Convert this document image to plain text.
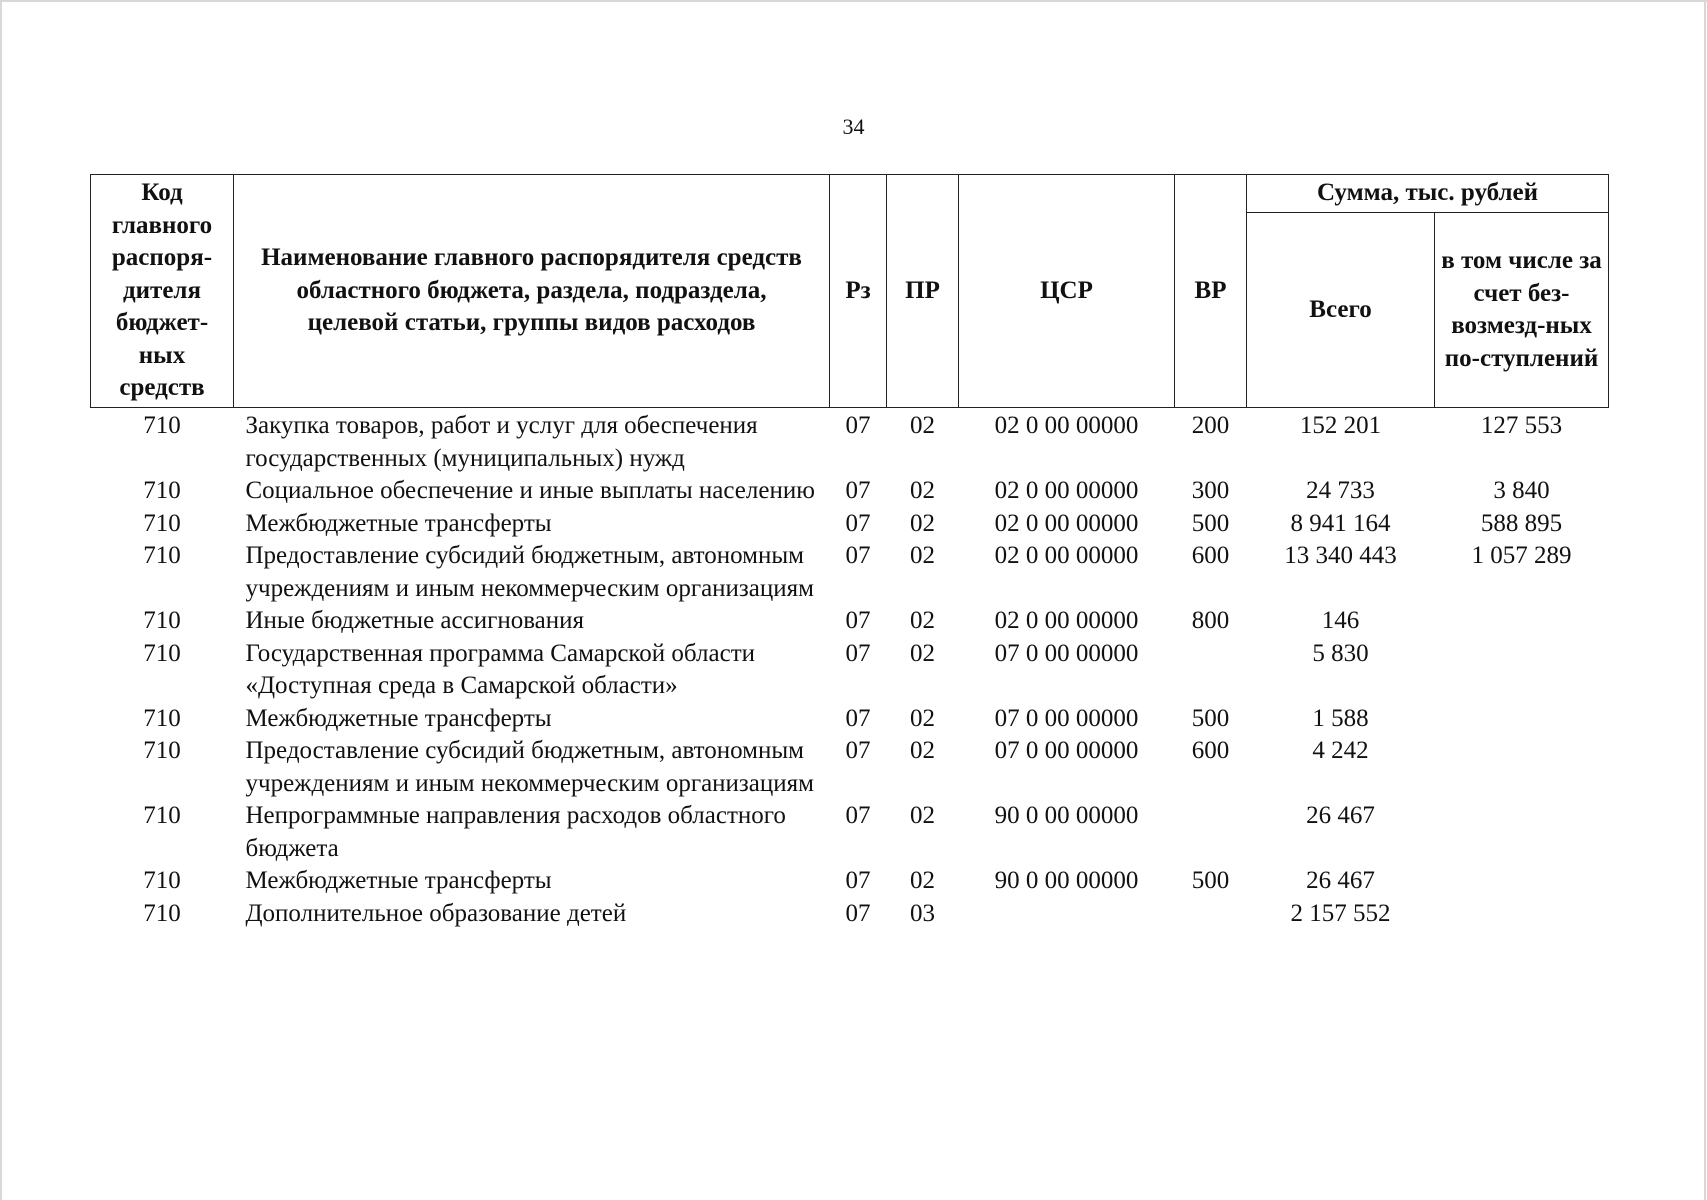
34
Код главного распоря-дителя бюджет-ных средств	Наименование главного распорядителя средств областного бюджета, раздела, подраздела, целевой статьи, группы видов расходов	Рз	ПР	ЦСР	ВР	Сумма, тыс. рублей	
						Всего	в том числе за счет без-возмезд-ных по-ступлений
710	Закупка товаров, работ и услуг для обеспечения государственных (муниципальных) нужд	07	02	02 0 00 00000	200	152 201	127 553
710	Социальное обеспечение и иные выплаты населению	07	02	02 0 00 00000	300	24 733	3 840
710	Межбюджетные трансферты	07	02	02 0 00 00000	500	8 941 164	588 895
710	Предоставление субсидий бюджетным, автономным учреждениям и иным некоммерческим организациям	07	02	02 0 00 00000	600	13 340 443	1 057 289
710	Иные бюджетные ассигнования	07	02	02 0 00 00000	800	146	
710	Государственная программа Самарской области «Доступная среда в Самарской области»	07	02	07 0 00 00000		5 830	
710	Межбюджетные трансферты	07	02	07 0 00 00000	500	1 588	
710	Предоставление субсидий бюджетным, автономным учреждениям и иным некоммерческим организациям	07	02	07 0 00 00000	600	4 242	
710	Непрограммные направления расходов областного бюджета	07	02	90 0 00 00000		26 467	
710	Межбюджетные трансферты	07	02	90 0 00 00000	500	26 467	
710	Дополнительное образование детей	07	03			2 157 552	
